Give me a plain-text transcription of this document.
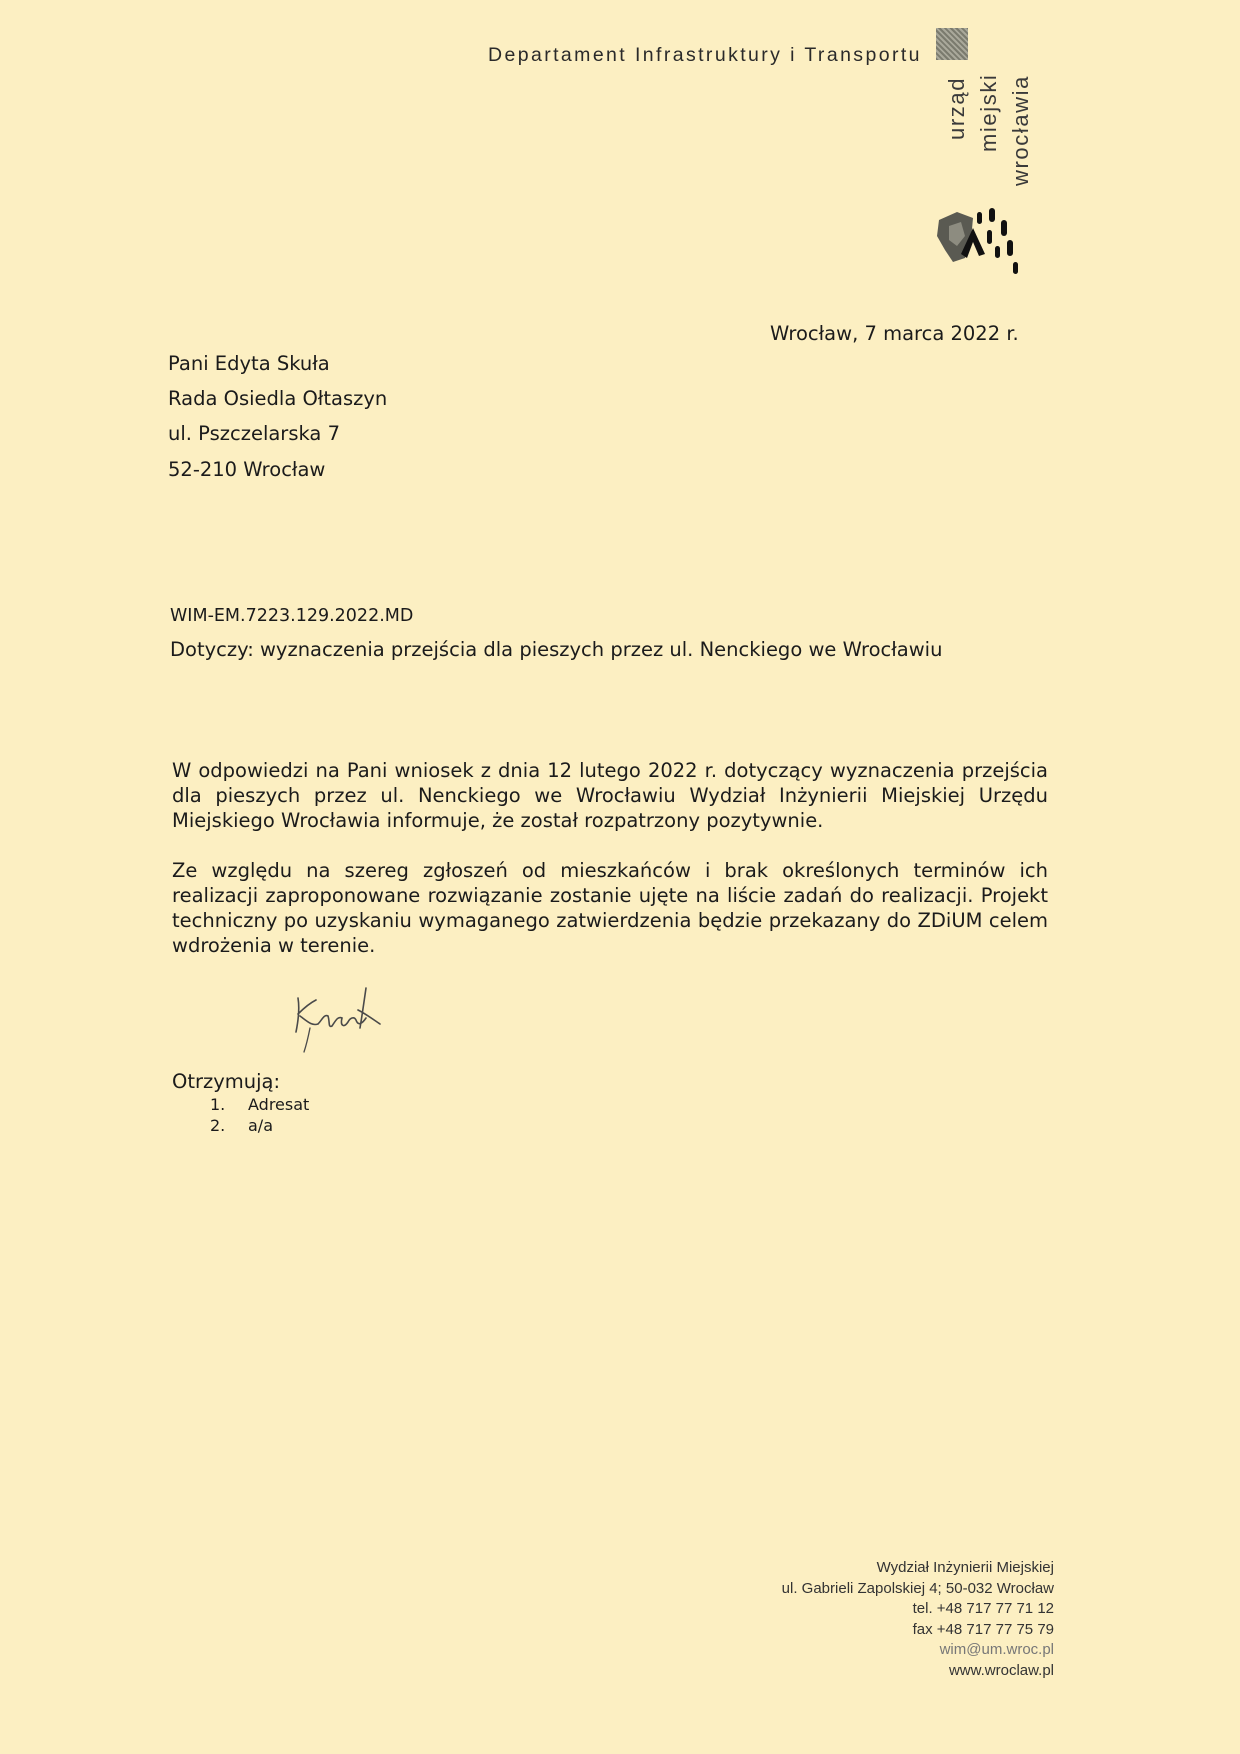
Departament Infrastruktury i Transportu
urząd miejski wrocławia
Wrocław, 7 marca 2022 r.
Pani Edyta Skuła
Rada Osiedla Ołtaszyn
ul. Pszczelarska 7
52-210 Wrocław
WIM-EM.7223.129.2022.MD
Dotyczy: wyznaczenia przejścia dla pieszych przez ul. Nenckiego we Wrocławiu
W odpowiedzi na Pani wniosek z dnia 12 lutego 2022 r. dotyczący wyznaczenia przejścia dla pieszych przez ul. Nenckiego we Wrocławiu Wydział Inżynierii Miejskiej Urzędu Miejskiego Wrocławia informuje, że został rozpatrzony pozytywnie.
Ze względu na szereg zgłoszeń od mieszkańców i brak określonych terminów ich realizacji zaproponowane rozwiązanie zostanie ujęte na liście zadań do realizacji. Projekt techniczny po uzyskaniu wymaganego zatwierdzenia będzie przekazany do ZDiUM celem wdrożenia w terenie.
Otrzymują:
1. Adresat
2. a/a
Wydział Inżynierii Miejskiej
ul. Gabrieli Zapolskiej 4; 50-032 Wrocław
tel. +48 717 77 71 12
fax +48 717 77 75 79
wim@um.wroc.pl
www.wroclaw.pl
